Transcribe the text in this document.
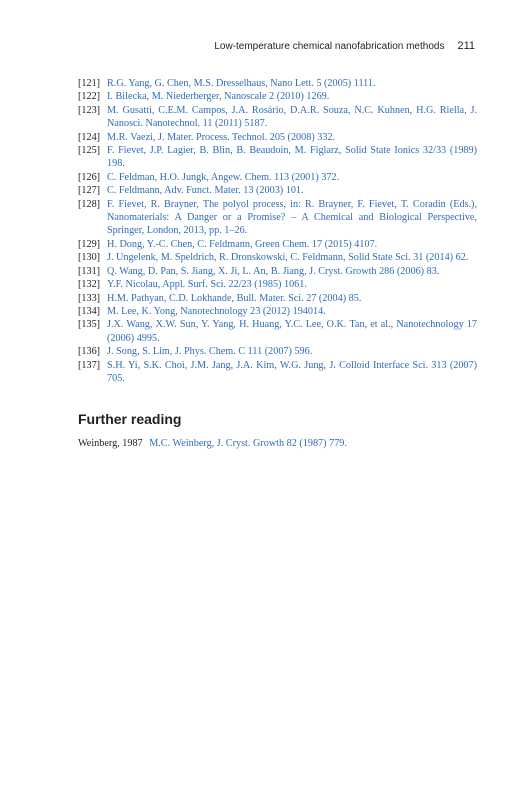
Low-temperature chemical nanofabrication methods 211
[121] R.G. Yang, G. Chen, M.S. Dresselhaus, Nano Lett. 5 (2005) 1111.
[122] I. Bilecka, M. Niederberger, Nanoscale 2 (2010) 1269.
[123] M. Gusatti, C.E.M. Campos, J.A. Rosário, D.A.R. Souza, N.C. Kuhnen, H.G. Riella, J. Nanosci. Nanotechnol. 11 (2011) 5187.
[124] M.R. Vaezi, J. Mater. Process. Technol. 205 (2008) 332.
[125] F. Fievet, J.P. Lagier, B. Blin, B. Beaudoin, M. Figlarz, Solid State Ionics 32/33 (1989) 198.
[126] C. Feldman, H.O. Jungk, Angew. Chem. 113 (2001) 372.
[127] C. Feldmann, Adv. Funct. Mater. 13 (2003) 101.
[128] F. Fievet, R. Brayner, The polyol process, in: R. Brayner, F. Fievet, T. Coradin (Eds.), Nanomaterials: A Danger or a Promise? – A Chemical and Biological Perspective, Springer, London, 2013, pp. 1–26.
[129] H. Dong, Y.-C. Chen, C. Feldmann, Green Chem. 17 (2015) 4107.
[130] J. Ungelenk, M. Speldrich, R. Dronskowski, C. Feldmann, Solid State Sci. 31 (2014) 62.
[131] Q. Wang, D. Pan, S. Jiang, X. Ji, L. An, B. Jiang, J. Cryst. Growth 286 (2006) 83.
[132] Y.F. Nicolau, Appl. Surf. Sci. 22/23 (1985) 1061.
[133] H.M. Pathyan, C.D. Lokhande, Bull. Mater. Sci. 27 (2004) 85.
[134] M. Lee, K. Yong, Nanotechnology 23 (2012) 194014.
[135] J.X. Wang, X.W. Sun, Y. Yang, H. Huang, Y.C. Lee, O.K. Tan, et al., Nanotechnology 17 (2006) 4995.
[136] J. Song, S. Lim, J. Phys. Chem. C 111 (2007) 596.
[137] S.H. Yi, S.K. Choi, J.M. Jang, J.A. Kim, W.G. Jung, J. Colloid Interface Sci. 313 (2007) 705.
Further reading
Weinberg, 1987 M.C. Weinberg, J. Cryst. Growth 82 (1987) 779.
